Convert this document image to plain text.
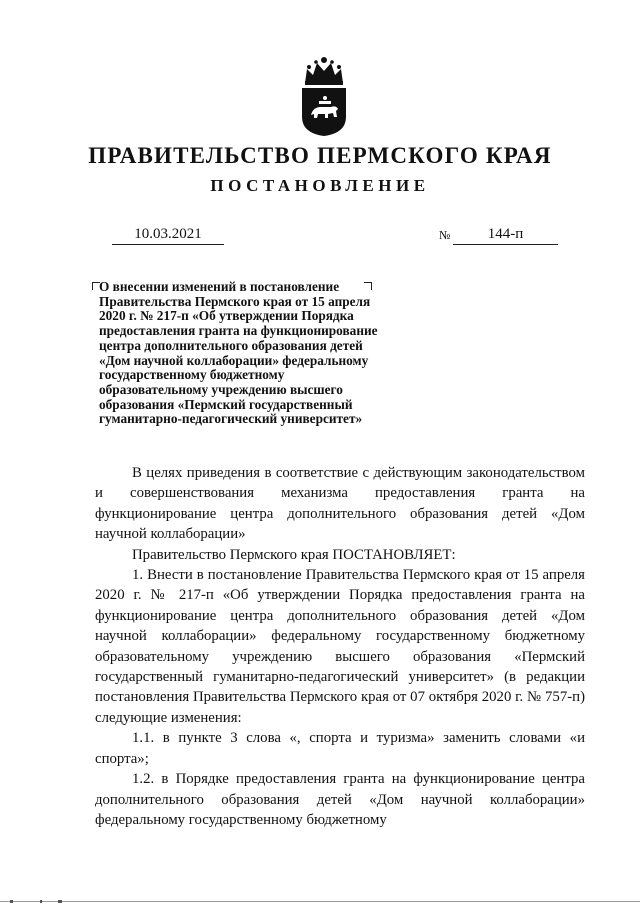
ПРАВИТЕЛЬСТВО ПЕРМСКОГО КРАЯ
ПОСТАНОВЛЕНИЕ
10.03.2021	№	144-п
О внесении изменений в постановление
Правительства Пермского края от 15 апреля
2020 г. № 217-п «Об утверждении Порядка
предоставления гранта на функционирование
центра дополнительного образования детей
«Дом научной коллаборации» федеральному
государственному бюджетному
образовательному учреждению высшего
образования «Пермский государственный
гуманитарно-педагогический университет»

В целях приведения в соответствие с действующим законодательством и совершенствования механизма предоставления гранта на функционирование центра дополнительного образования детей «Дом научной коллаборации»

Правительство Пермского края ПОСТАНОВЛЯЕТ:

1. Внести в постановление Правительства Пермского края от 15 апреля 2020 г. № 217-п «Об утверждении Порядка предоставления гранта на функционирование центра дополнительного образования детей «Дом научной коллаборации» федеральному государственному бюджетному образовательному учреждению высшего образования «Пермский государственный гуманитарно-педагогический университет» (в редакции постановления Правительства Пермского края от 07 октября 2020 г. № 757-п) следующие изменения:

1.1. в пункте 3 слова «, спорта и туризма» заменить словами «и спорта»;

1.2. в Порядке предоставления гранта на функционирование центра дополнительного образования детей «Дом научной коллаборации» федеральному государственному бюджетному
